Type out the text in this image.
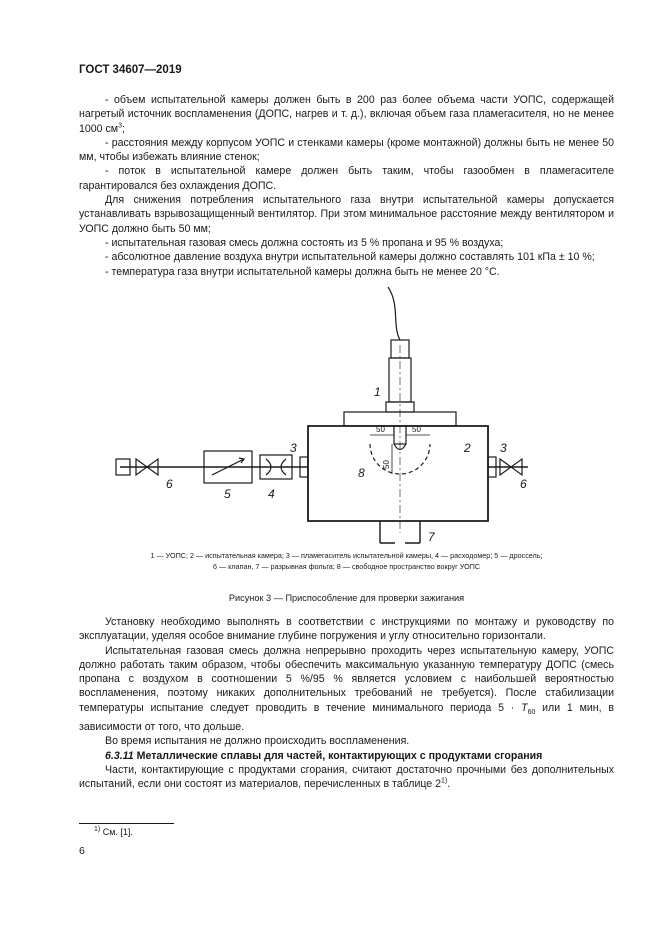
ГОСТ 34607—2019

- объем испытательной камеры должен быть в 200 раз более объема части УОПС, содержащей нагретый источник воспламенения (ДОПС, нагрев и т. д.), включая объем газа пламегасителя, но не менее 1000 $см^3$;

- расстояния между корпусом УОПС и стенками камеры (кроме монтажной) должны быть не менее 50 мм, чтобы избежать влияние стенок;

- поток в испытательной камере должен быть таким, чтобы газообмен в пламегасителе гарантировался без охлаждения ДОПС.

Для снижения потребления испытательного газа внутри испытательной камеры допускается устанавливать взрывозащищенный вентилятор. При этом минимальное расстояние между вентилятором и УОПС должно быть 50 мм;

- испытательная газовая смесь должна состоять из 5 % пропана и 95 % воздуха;

- абсолютное давление воздуха внутри испытательной камеры должно составлять 101 кПа ± 10 %;

- температура газа внутри испытательной камеры должна быть не менее 20 °С.

1
2
3	3
4
5
6	6
7
8
50	50
50
1 — УОПС; 2 — испытательная камера; 3 — пламегаситель испытательной камеры, 4 — расходомер; 5 — дроссель;
6 — клапан, 7 — разрывная фольга; 8 — свободное пространство вокруг УОПС
Рисунок 3 — Приспособление для проверки зажигания

Установку необходимо выполнять в соответствии с инструкциями по монтажу и руководству по эксплуатации, уделяя особое внимание глубине погружения и углу относительно горизонтали.

Испытательная газовая смесь должна непрерывно проходить через испытательную камеру, УОПС должно работать таким образом, чтобы обеспечить максимальную указанную температуру ДОПС (смесь пропана с воздухом в соотношении 5 %/95 % является условием с наибольшей вероятностью воспламенения, поэтому никаких дополнительных требований не требуется). После стабилизации температуры испытание следует проводить в течение минимального периода $5 \cdot T_{60}$ или 1 мин, в зависимости от того, что дольше.

Во время испытания не должно происходить воспламенения.

6.3.11 Металлические сплавы для частей, контактирующих с продуктами сгорания

Части, контактирующие с продуктами сгорания, считают достаточно прочными без дополнительных испытаний, если они состоят из материалов, перечисленных в таблице 2$^{1)}$.

$^{1)}$ См. [1].
6
